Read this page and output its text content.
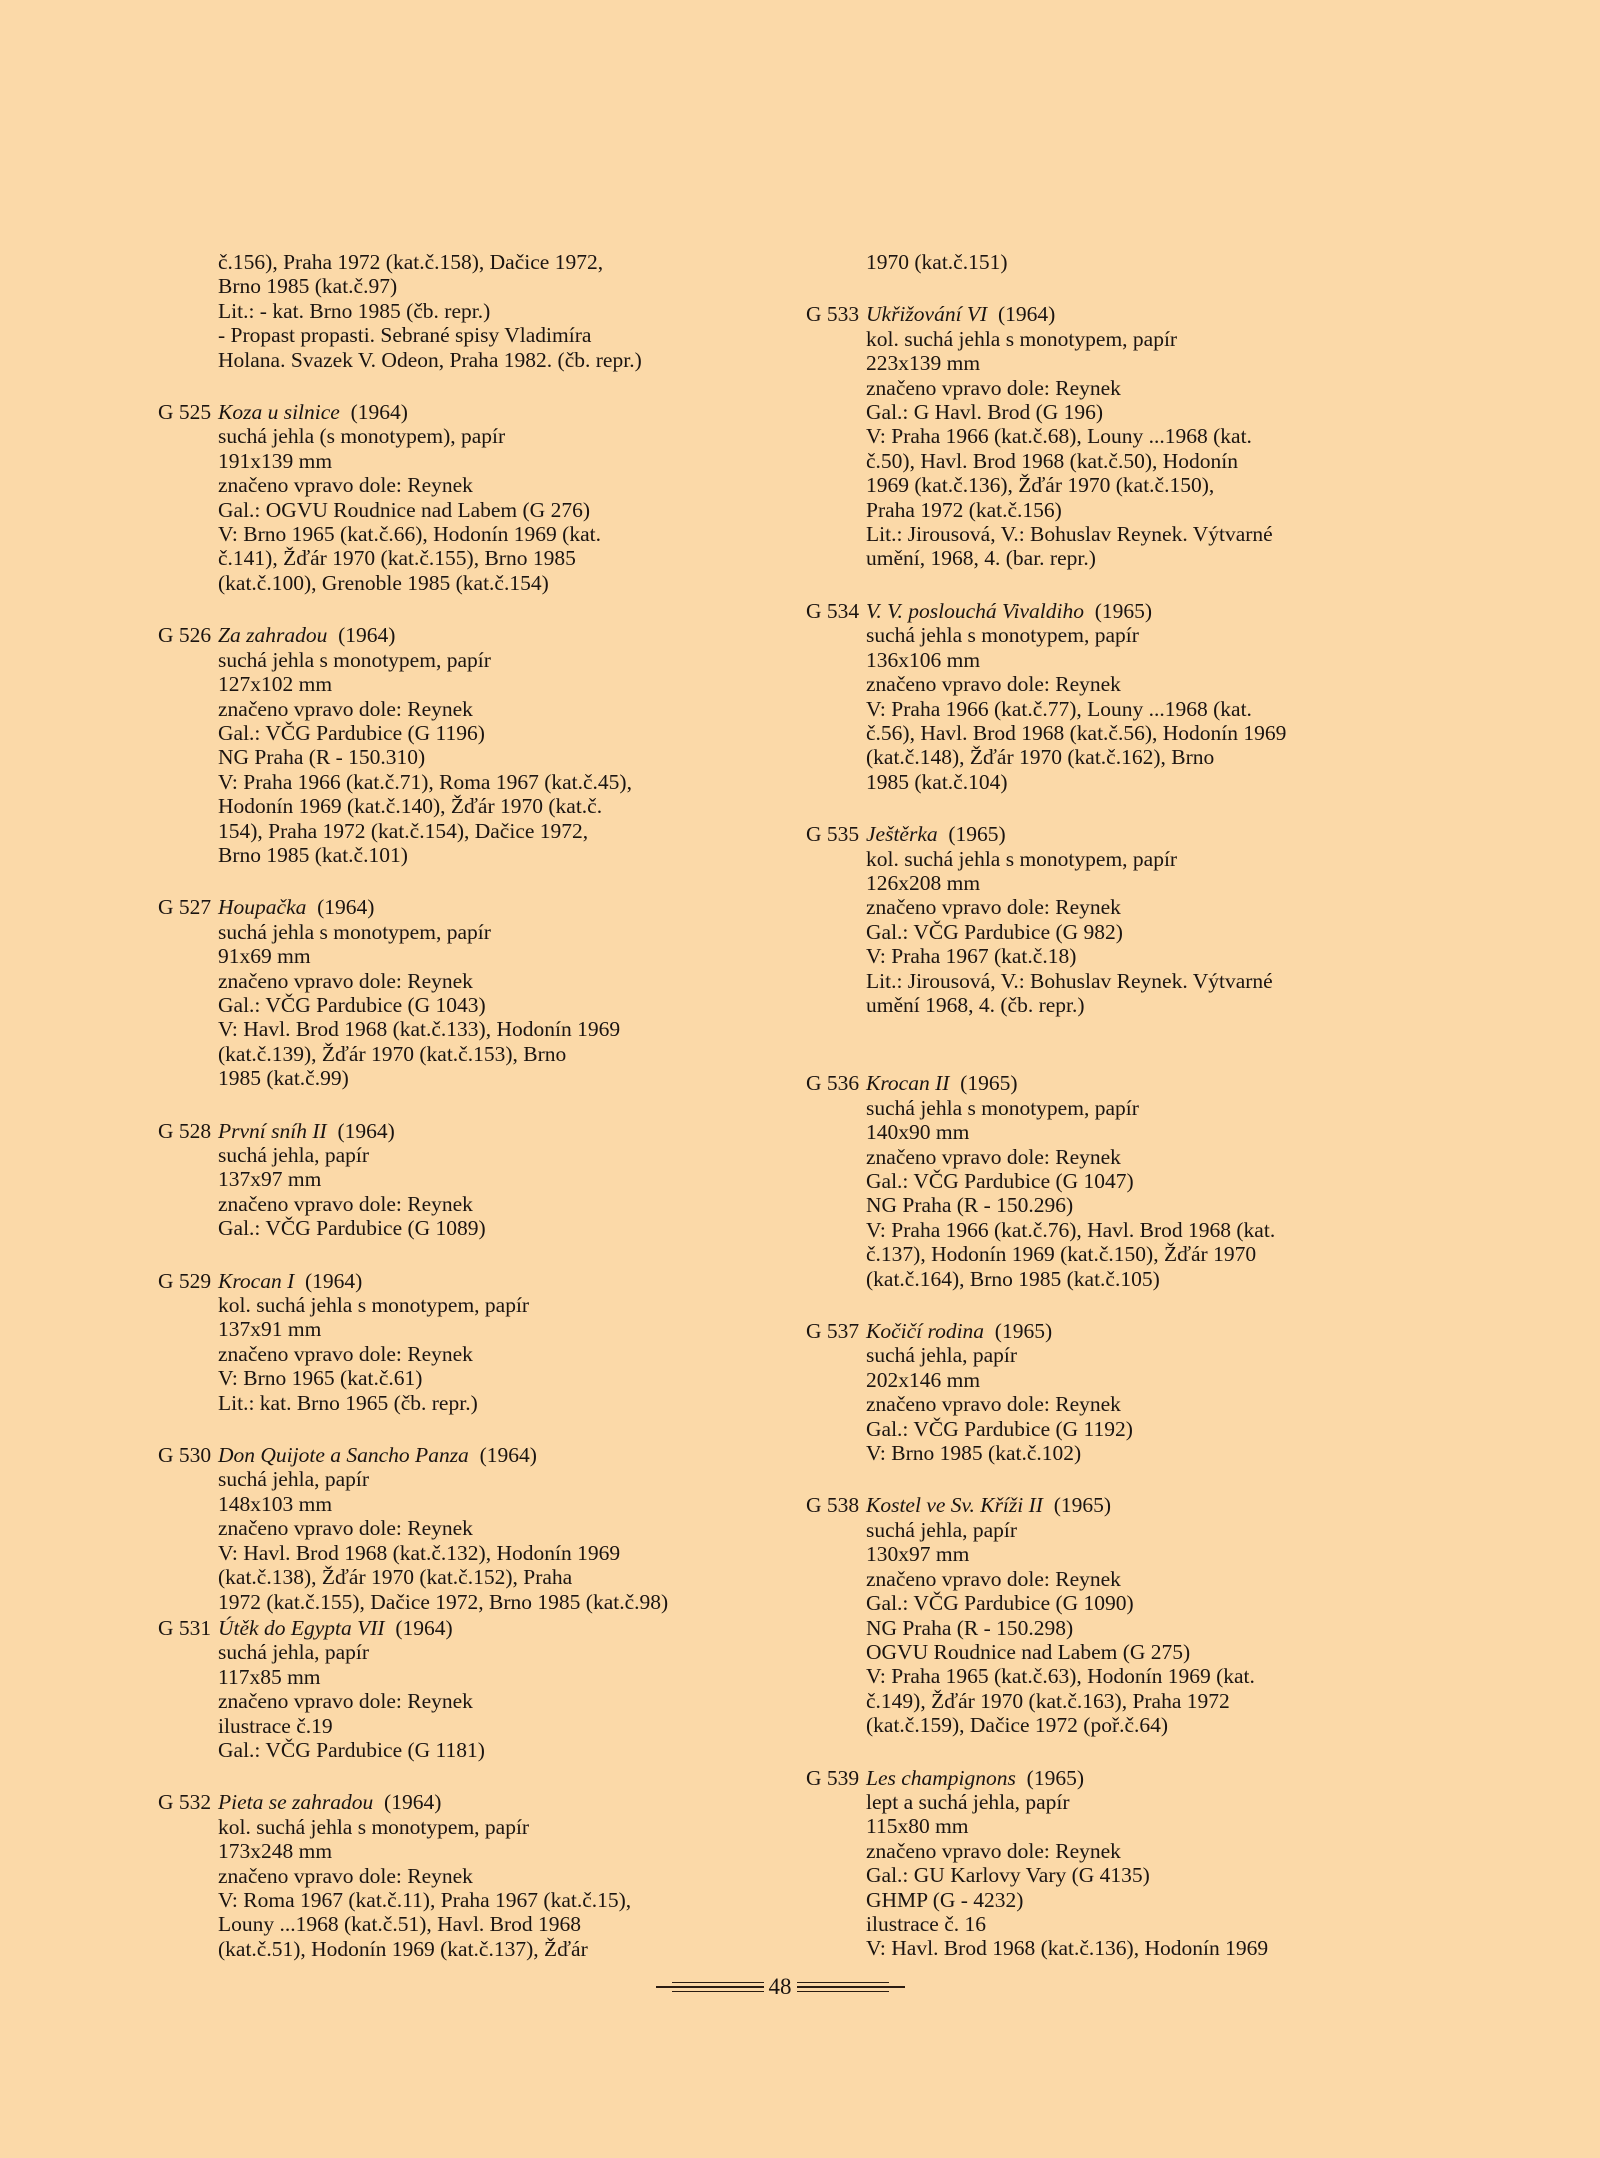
č.156), Praha 1972 (kat.č.158), Dačice 1972,
Brno 1985 (kat.č.97)
Lit.: - kat. Brno 1985 (čb. repr.)
- Propast propasti. Sebrané spisy Vladimíra
Holana. Svazek V. Odeon, Praha 1982. (čb. repr.)
G 525 Koza u silnice (1964)
suchá jehla (s monotypem), papír
191x139 mm
značeno vpravo dole: Reynek
Gal.: OGVU Roudnice nad Labem (G 276)
V: Brno 1965 (kat.č.66), Hodonín 1969 (kat.
č.141), Žďár 1970 (kat.č.155), Brno 1985
(kat.č.100), Grenoble 1985 (kat.č.154)
G 526 Za zahradou (1964)
suchá jehla s monotypem, papír
127x102 mm
značeno vpravo dole: Reynek
Gal.: VČG Pardubice (G 1196)
NG Praha (R - 150.310)
V: Praha 1966 (kat.č.71), Roma 1967 (kat.č.45),
Hodonín 1969 (kat.č.140), Žďár 1970 (kat.č.
154), Praha 1972 (kat.č.154), Dačice 1972,
Brno 1985 (kat.č.101)
G 527 Houpačka (1964)
suchá jehla s monotypem, papír
91x69 mm
značeno vpravo dole: Reynek
Gal.: VČG Pardubice (G 1043)
V: Havl. Brod 1968 (kat.č.133), Hodonín 1969
(kat.č.139), Žďár 1970 (kat.č.153), Brno
1985 (kat.č.99)
G 528 První sníh II (1964)
suchá jehla, papír
137x97 mm
značeno vpravo dole: Reynek
Gal.: VČG Pardubice (G 1089)
G 529 Krocan I (1964)
kol. suchá jehla s monotypem, papír
137x91 mm
značeno vpravo dole: Reynek
V: Brno 1965 (kat.č.61)
Lit.: kat. Brno 1965 (čb. repr.)
G 530 Don Quijote a Sancho Panza (1964)
suchá jehla, papír
148x103 mm
značeno vpravo dole: Reynek
V: Havl. Brod 1968 (kat.č.132), Hodonín 1969
(kat.č.138), Žďár 1970 (kat.č.152), Praha
1972 (kat.č.155), Dačice 1972, Brno 1985 (kat.č.98)
G 531 Útěk do Egypta VII (1964)
suchá jehla, papír
117x85 mm
značeno vpravo dole: Reynek
ilustrace č.19
Gal.: VČG Pardubice (G 1181)
G 532 Pieta se zahradou (1964)
kol. suchá jehla s monotypem, papír
173x248 mm
značeno vpravo dole: Reynek
V: Roma 1967 (kat.č.11), Praha 1967 (kat.č.15),
Louny ...1968 (kat.č.51), Havl. Brod 1968
(kat.č.51), Hodonín 1969 (kat.č.137), Žďár
1970 (kat.č.151)
G 533 Ukřižování VI (1964)
kol. suchá jehla s monotypem, papír
223x139 mm
značeno vpravo dole: Reynek
Gal.: G Havl. Brod (G 196)
V: Praha 1966 (kat.č.68), Louny ...1968 (kat.
č.50), Havl. Brod 1968 (kat.č.50), Hodonín
1969 (kat.č.136), Žďár 1970 (kat.č.150),
Praha 1972 (kat.č.156)
Lit.: Jirousová, V.: Bohuslav Reynek. Výtvarné
umění, 1968, 4. (bar. repr.)
G 534 V. V. poslouchá Vivaldiho (1965)
suchá jehla s monotypem, papír
136x106 mm
značeno vpravo dole: Reynek
V: Praha 1966 (kat.č.77), Louny ...1968 (kat.
č.56), Havl. Brod 1968 (kat.č.56), Hodonín 1969
(kat.č.148), Žďár 1970 (kat.č.162), Brno
1985 (kat.č.104)
G 535 Ještěrka (1965)
kol. suchá jehla s monotypem, papír
126x208 mm
značeno vpravo dole: Reynek
Gal.: VČG Pardubice (G 982)
V: Praha 1967 (kat.č.18)
Lit.: Jirousová, V.: Bohuslav Reynek. Výtvarné
umění 1968, 4. (čb. repr.)
G 536 Krocan II (1965)
suchá jehla s monotypem, papír
140x90 mm
značeno vpravo dole: Reynek
Gal.: VČG Pardubice (G 1047)
NG Praha (R - 150.296)
V: Praha 1966 (kat.č.76), Havl. Brod 1968 (kat.
č.137), Hodonín 1969 (kat.č.150), Žďár 1970
(kat.č.164), Brno 1985 (kat.č.105)
G 537 Kočičí rodina (1965)
suchá jehla, papír
202x146 mm
značeno vpravo dole: Reynek
Gal.: VČG Pardubice (G 1192)
V: Brno 1985 (kat.č.102)
G 538 Kostel ve Sv. Kříži II (1965)
suchá jehla, papír
130x97 mm
značeno vpravo dole: Reynek
Gal.: VČG Pardubice (G 1090)
NG Praha (R - 150.298)
OGVU Roudnice nad Labem (G 275)
V: Praha 1965 (kat.č.63), Hodonín 1969 (kat.
č.149), Žďár 1970 (kat.č.163), Praha 1972
(kat.č.159), Dačice 1972 (poř.č.64)
G 539 Les champignons (1965)
lept a suchá jehla, papír
115x80 mm
značeno vpravo dole: Reynek
Gal.: GU Karlovy Vary (G 4135)
GHMP (G - 4232)
ilustrace č. 16
V: Havl. Brod 1968 (kat.č.136), Hodonín 1969
48
